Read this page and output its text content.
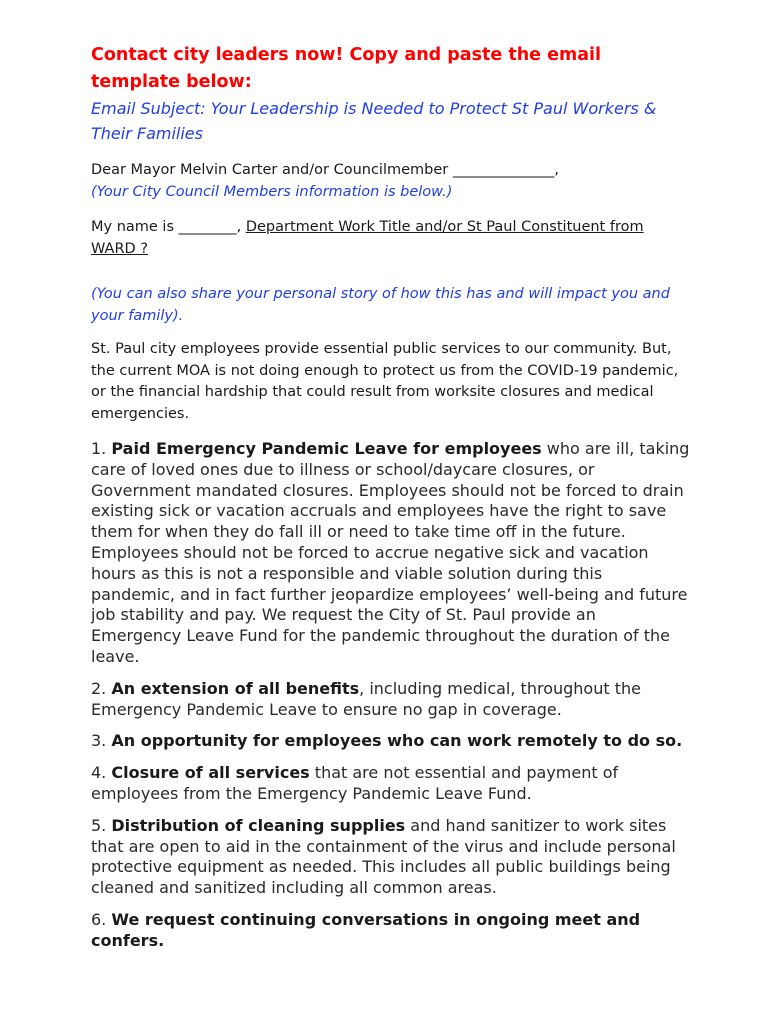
Contact city leaders now! Copy and paste the email template below:

Email Subject: Your Leadership is Needed to Protect St Paul Workers & Their Families

Dear Mayor Melvin Carter and/or Councilmember ______________,

(Your City Council Members information is below.)

My name is ________, Department Work Title and/or St Paul Constituent from WARD ?

(You can also share your personal story of how this has and will impact you and your family).

St. Paul city employees provide essential public services to our community. But, the current MOA is not doing enough to protect us from the COVID-19 pandemic, or the financial hardship that could result from worksite closures and medical emergencies.

1. Paid Emergency Pandemic Leave for employees who are ill, taking care of loved ones due to illness or school/daycare closures, or Government mandated closures. Employees should not be forced to drain existing sick or vacation accruals and employees have the right to save them for when they do fall ill or need to take time off in the future. Employees should not be forced to accrue negative sick and vacation hours as this is not a responsible and viable solution during this pandemic, and in fact further jeopardize employees’ well-being and future job stability and pay. We request the City of St. Paul provide an Emergency Leave Fund for the pandemic throughout the duration of the leave.

2. An extension of all benefits, including medical, throughout the Emergency Pandemic Leave to ensure no gap in coverage.

3. An opportunity for employees who can work remotely to do so.

4. Closure of all services that are not essential and payment of employees from the Emergency Pandemic Leave Fund.

5. Distribution of cleaning supplies and hand sanitizer to work sites that are open to aid in the containment of the virus and include personal protective equipment as needed. This includes all public buildings being cleaned and sanitized including all common areas.

6. We request continuing conversations in ongoing meet and confers.
